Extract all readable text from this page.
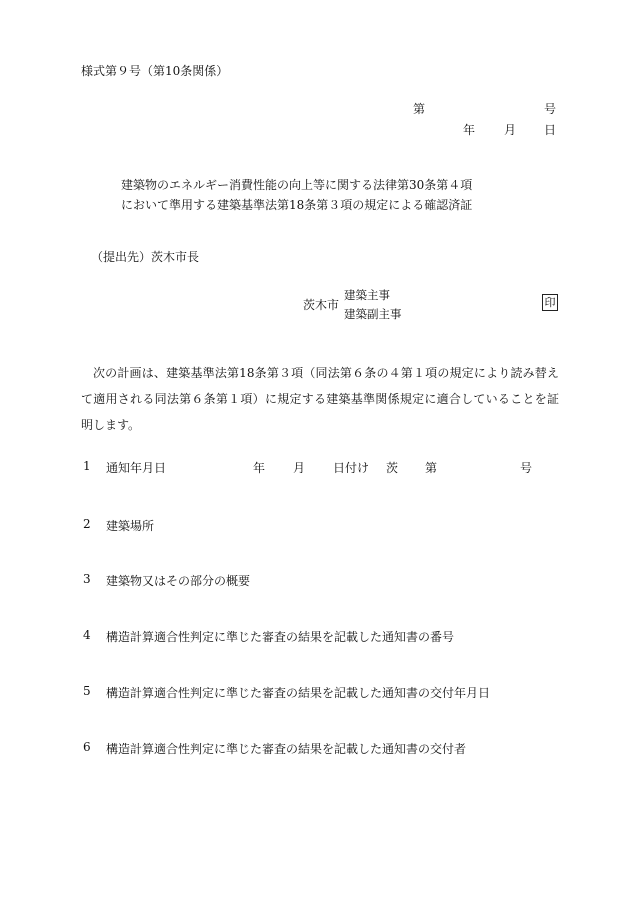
様式第９号（第10条関係）
第	号
年 月 日
建築物のエネルギー消費性能の向上等に関する法律第30条第４項
において準用する建築基準法第18条第３項の規定による確認済証
（提出先）茨木市長
茨木市
建築主事
建築副主事
印
次の計画は、建築基準法第18条第３項（同法第６条の４第１項の規定により読み替えて適用される同法第６条第１項）に規定する建築基準関係規定に適合していることを証明します。
1 通知年月日	年 月 日付け 茨 第	号
2 建築場所
3 建築物又はその部分の概要
4 構造計算適合性判定に準じた審査の結果を記載した通知書の番号
5 構造計算適合性判定に準じた審査の結果を記載した通知書の交付年月日
6 構造計算適合性判定に準じた審査の結果を記載した通知書の交付者
